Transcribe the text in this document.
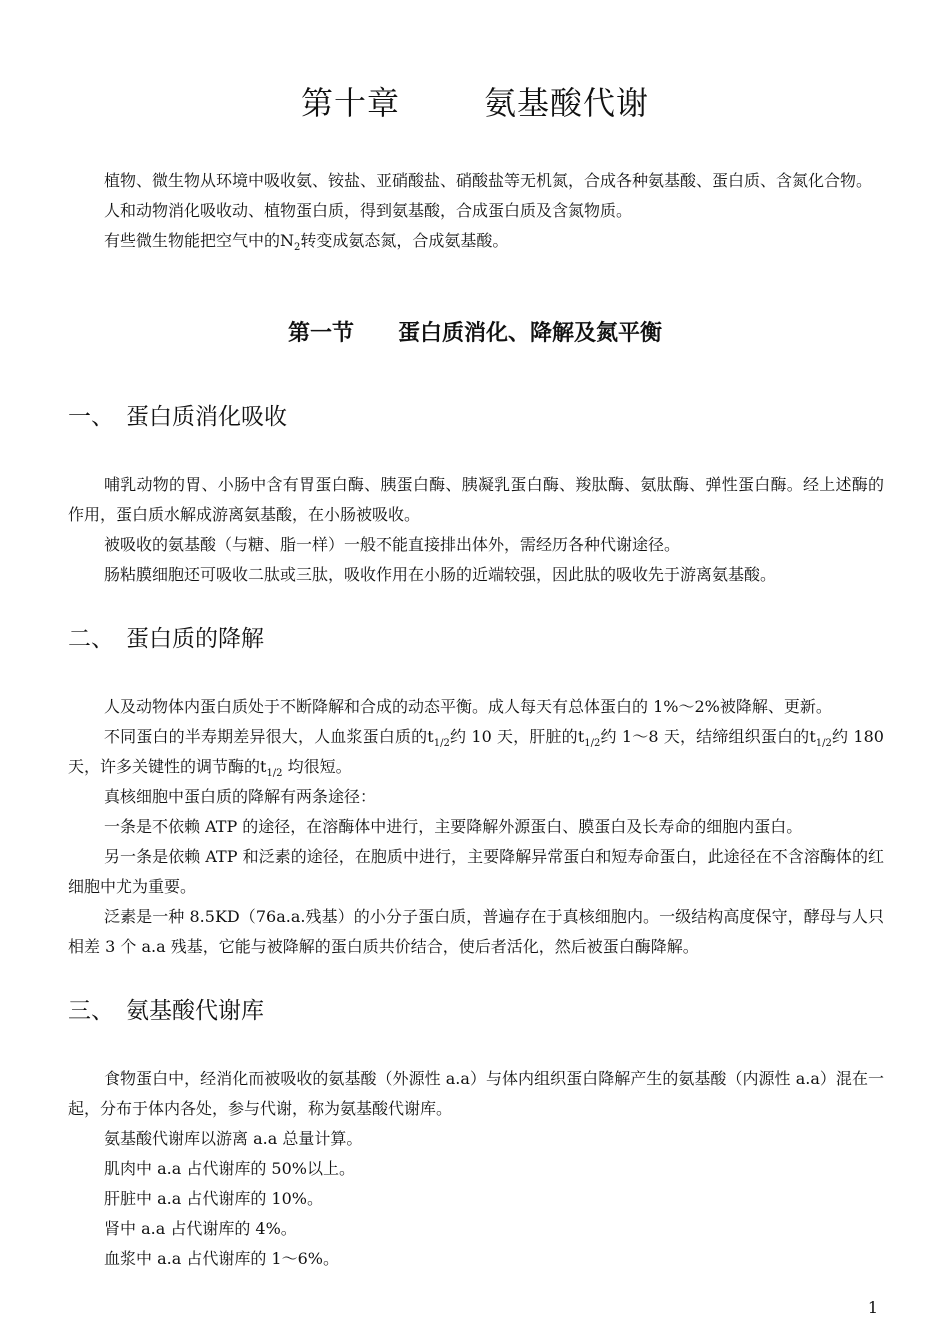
第十章	氨基酸代谢

植物、微生物从环境中吸收氨、铵盐、亚硝酸盐、硝酸盐等无机氮，合成各种氨基酸、蛋白质、含氮化合物。

人和动物消化吸收动、植物蛋白质，得到氨基酸，合成蛋白质及含氮物质。

有些微生物能把空气中的$N_2$转变成氨态氮，合成氨基酸。

第一节 蛋白质消化、降解及氮平衡
一、 蛋白质消化吸收

哺乳动物的胃、小肠中含有胃蛋白酶、胰蛋白酶、胰凝乳蛋白酶、羧肽酶、氨肽酶、弹性蛋白酶。经上述酶的作用，蛋白质水解成游离氨基酸，在小肠被吸收。

被吸收的氨基酸（与糖、脂一样）一般不能直接排出体外，需经历各种代谢途径。

肠粘膜细胞还可吸收二肽或三肽，吸收作用在小肠的近端较强，因此肽的吸收先于游离氨基酸。

二、 蛋白质的降解

人及动物体内蛋白质处于不断降解和合成的动态平衡。成人每天有总体蛋白的 1%～2%被降解、更新。

不同蛋白的半寿期差异很大，人血浆蛋白质的$t_{1/2}$约 10 天，肝脏的$t_{1/2}$约 1～8 天，结缔组织蛋白的$t_{1/2}$约 180 天，许多关键性的调节酶的$t_{1/2}$ 均很短。

真核细胞中蛋白质的降解有两条途径：

一条是不依赖 ATP 的途径，在溶酶体中进行，主要降解外源蛋白、膜蛋白及长寿命的细胞内蛋白。

另一条是依赖 ATP 和泛素的途径，在胞质中进行，主要降解异常蛋白和短寿命蛋白，此途径在不含溶酶体的红细胞中尤为重要。

泛素是一种 8.5KD（76a.a.残基）的小分子蛋白质，普遍存在于真核细胞内。一级结构高度保守，酵母与人只相差 3 个 a.a 残基，它能与被降解的蛋白质共价结合，使后者活化，然后被蛋白酶降解。

三、 氨基酸代谢库

食物蛋白中，经消化而被吸收的氨基酸（外源性 a.a）与体内组织蛋白降解产生的氨基酸（内源性 a.a）混在一起，分布于体内各处，参与代谢，称为氨基酸代谢库。

氨基酸代谢库以游离 a.a 总量计算。

肌肉中 a.a 占代谢库的 50%以上。

肝脏中 a.a 占代谢库的 10%。

肾中 a.a 占代谢库的 4%。

血浆中 a.a 占代谢库的 1～6%。

1
